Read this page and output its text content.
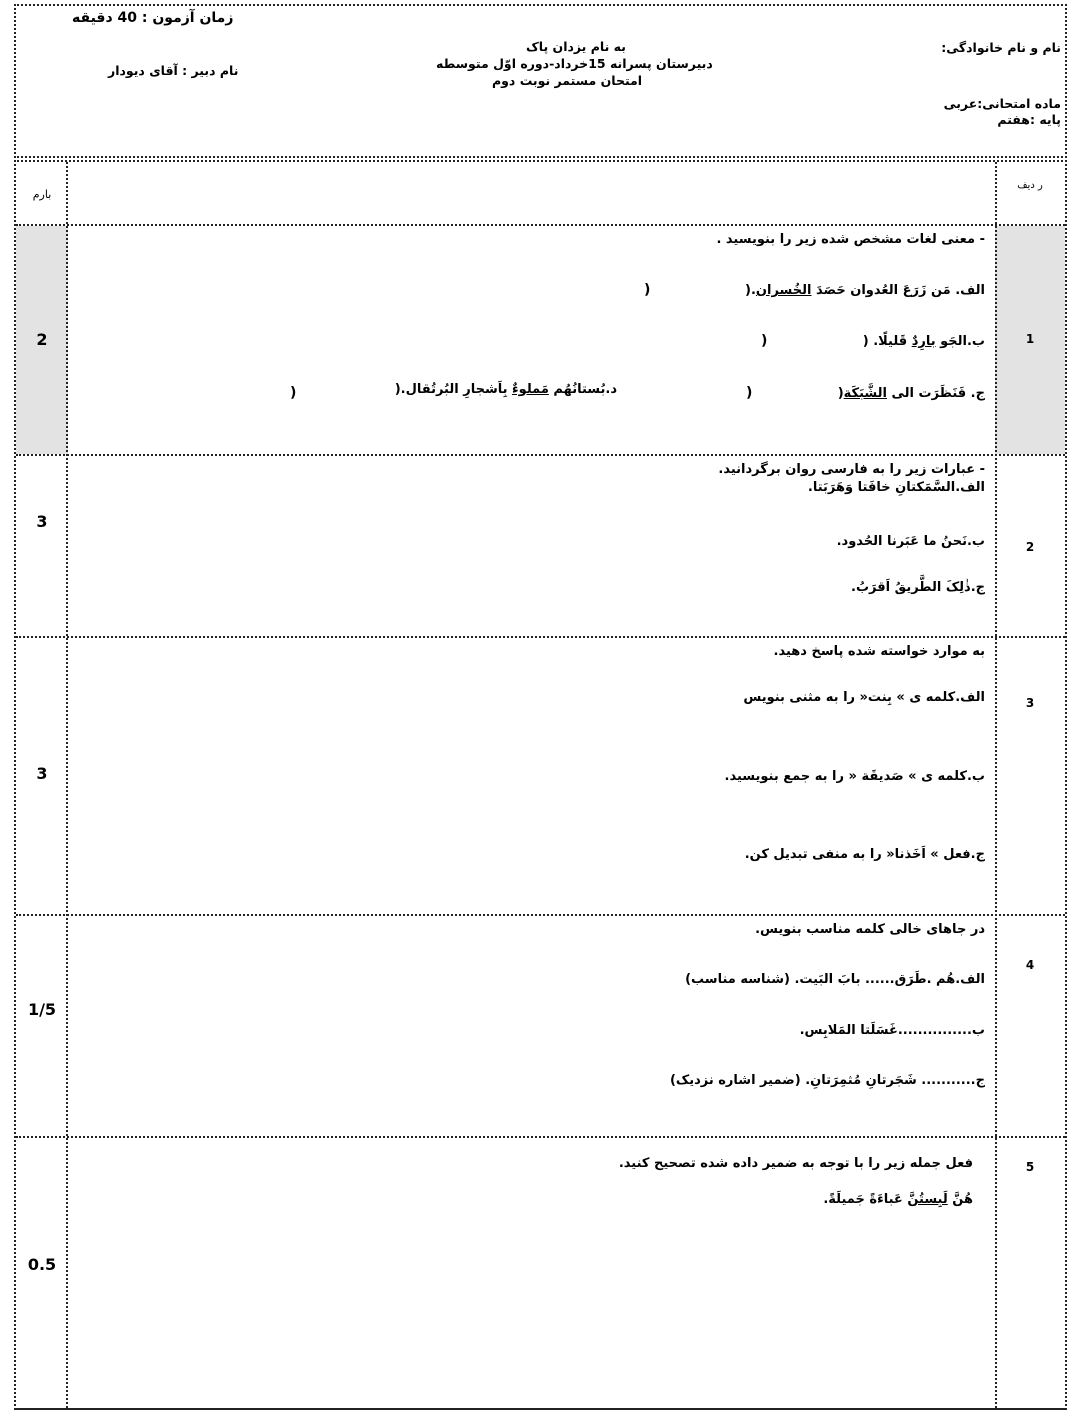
نام و نام خانوادگی:
ماده امتحانی:عربی
پایه :هفتم
به نام یزدان پاک
دبیرستان پسرانه 15خرداد-دوره اوّل متوسطه
امتحان مستمر نوبت دوم
زمان آزمون : 40 دقیقه
نام دبیر : آقای دیودار
بارم
ر دیف
2	1
- معنی لغات مشخص شده زیر را بنویسید .
الف. مَن زَرَعَ العُدوان حَصَدَ الخُسران.(
)
ب.الجَو بارِدٌ قَلیلًا. (
)
ج. فَنَظَرَت الی الشَّبَکَة(
)
د.بُستانُهُم مَملوءٌ بِاَشجارِ البُرتُقال.(
)
3
2
- عبارات زیر را به فارسی روان برگردانید.
الف.السَّمَکتانِ خافَتا وَهَرَبَتا.
ب.نَحنُ ما عَبَرنا الحُدود.
ج.ذٰلِکَ الطَّریقُ اَقرَبُ.
3
3
به موارد خواسته شده پاسخ دهید.
الف.کلمه ی » بِنت« را به مثنی بنویس
ب.کلمه ی » صَدیقَة « را به جمع بنویسید.
ج.فعل » اَخَذنا« را به منفی تبدیل کن.
1/5
4
در جاهای خالی کلمه مناسب بنویس.
الف.هُم .طَرَق...... بابَ البَیت. (شناسه مناسب)
ب...............غَسَلَتا المَلابِس.
ج........... شَجَرتانِ مُثمِرَتانِ. (ضمیر اشاره نزدیک)
0.5
5
فعل جمله زیر را با توجه به ضمیر داده شده تصحیح کنید.
هُنَّ لَبِستُنَّ عَباءَةً جَمیلَةً.
